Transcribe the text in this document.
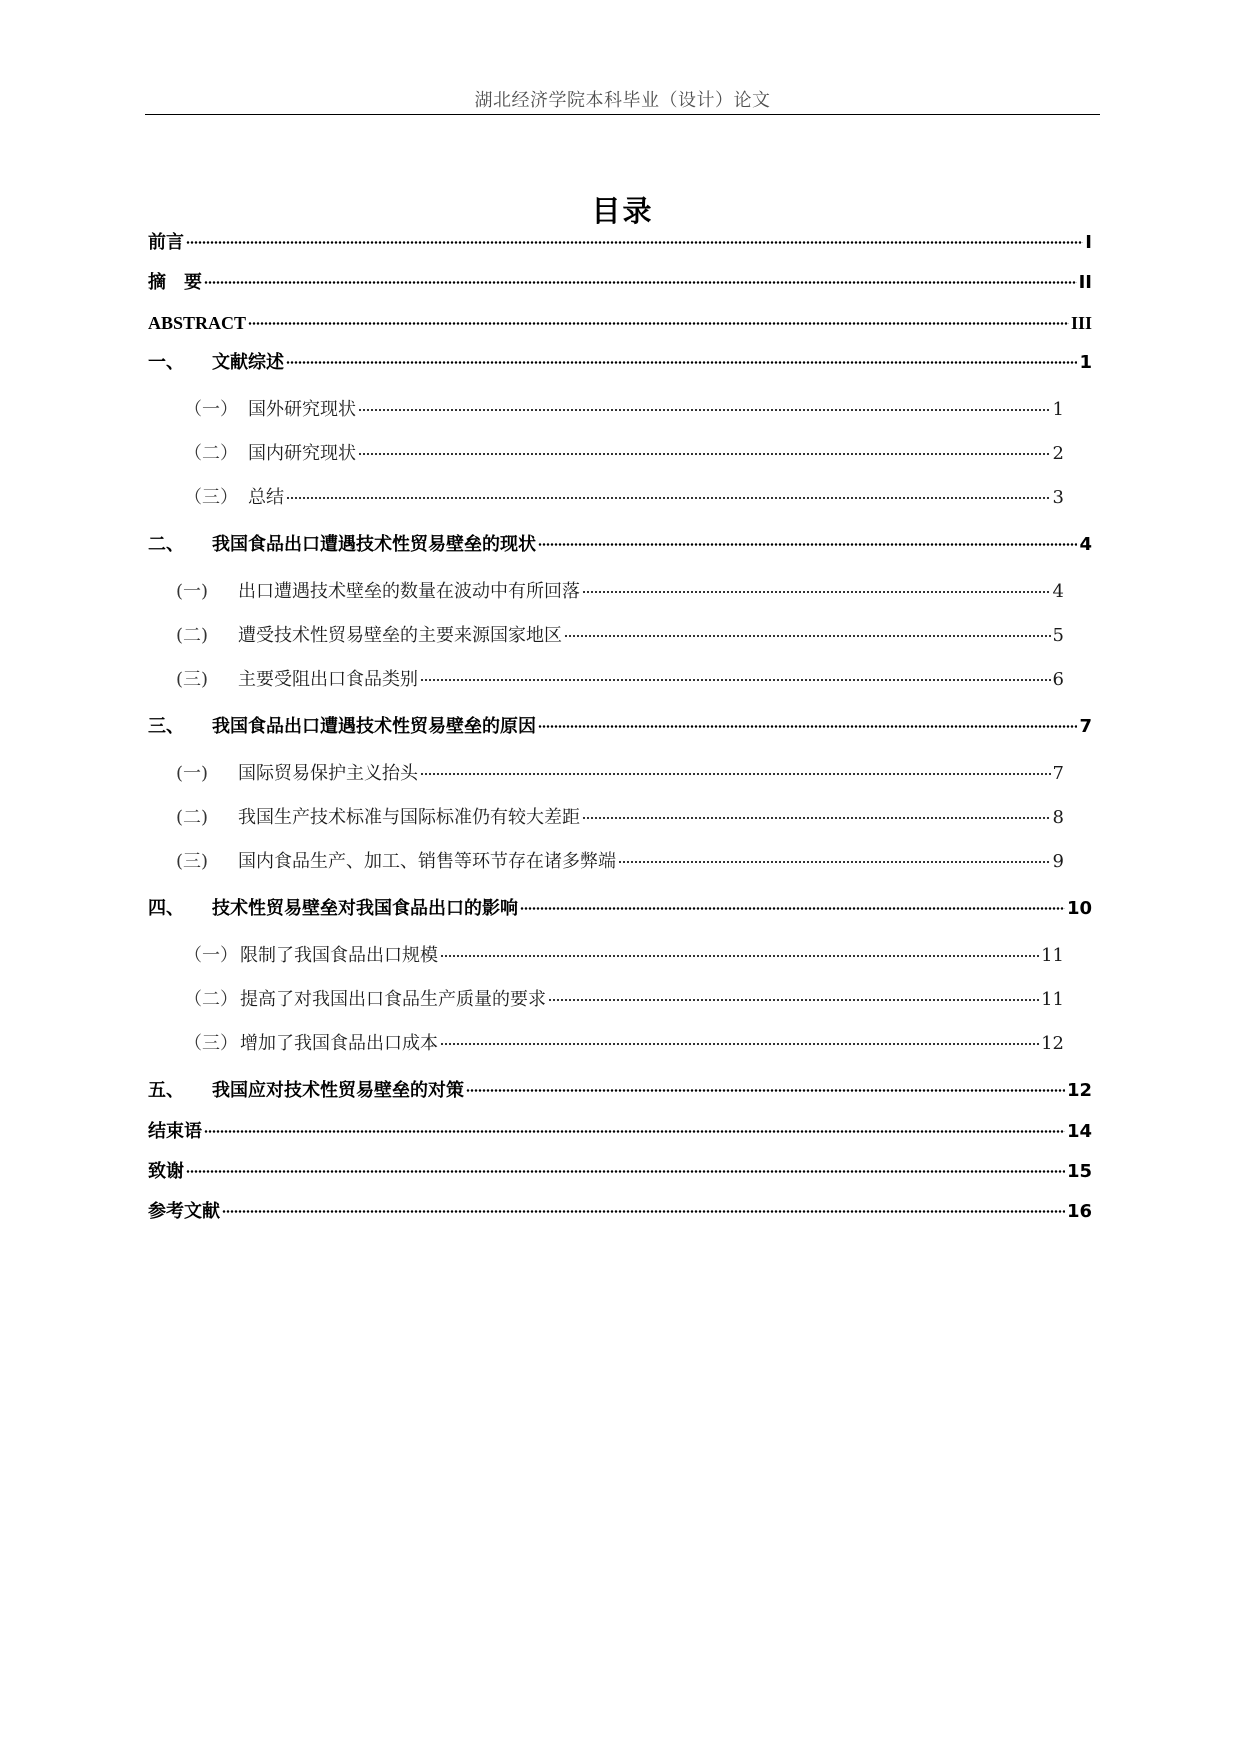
湖北经济学院本科毕业（设计）论文
目录
前言	I
摘　要	II
ABSTRACT	III
一、	文献综述	1
（一） 国外研究现状	1
（二） 国内研究现状	2
（三） 总结	3
二、	我国食品出口遭遇技术性贸易壁垒的现状	4
(一)	出口遭遇技术壁垒的数量在波动中有所回落	4
(二)	遭受技术性贸易壁垒的主要来源国家地区	5
(三)	主要受阻出口食品类别	6
三、	我国食品出口遭遇技术性贸易壁垒的原因	7
(一)	国际贸易保护主义抬头	7
(二)	我国生产技术标准与国际标准仍有较大差距	8
(三)	国内食品生产、加工、销售等环节存在诸多弊端	9
四、	技术性贸易壁垒对我国食品出口的影响	10
（一） 限制了我国食品出口规模	11
（二） 提高了对我国出口食品生产质量的要求	11
（三） 增加了我国食品出口成本	12
五、	我国应对技术性贸易壁垒的对策	12
结束语	14
致谢	15
参考文献	16
